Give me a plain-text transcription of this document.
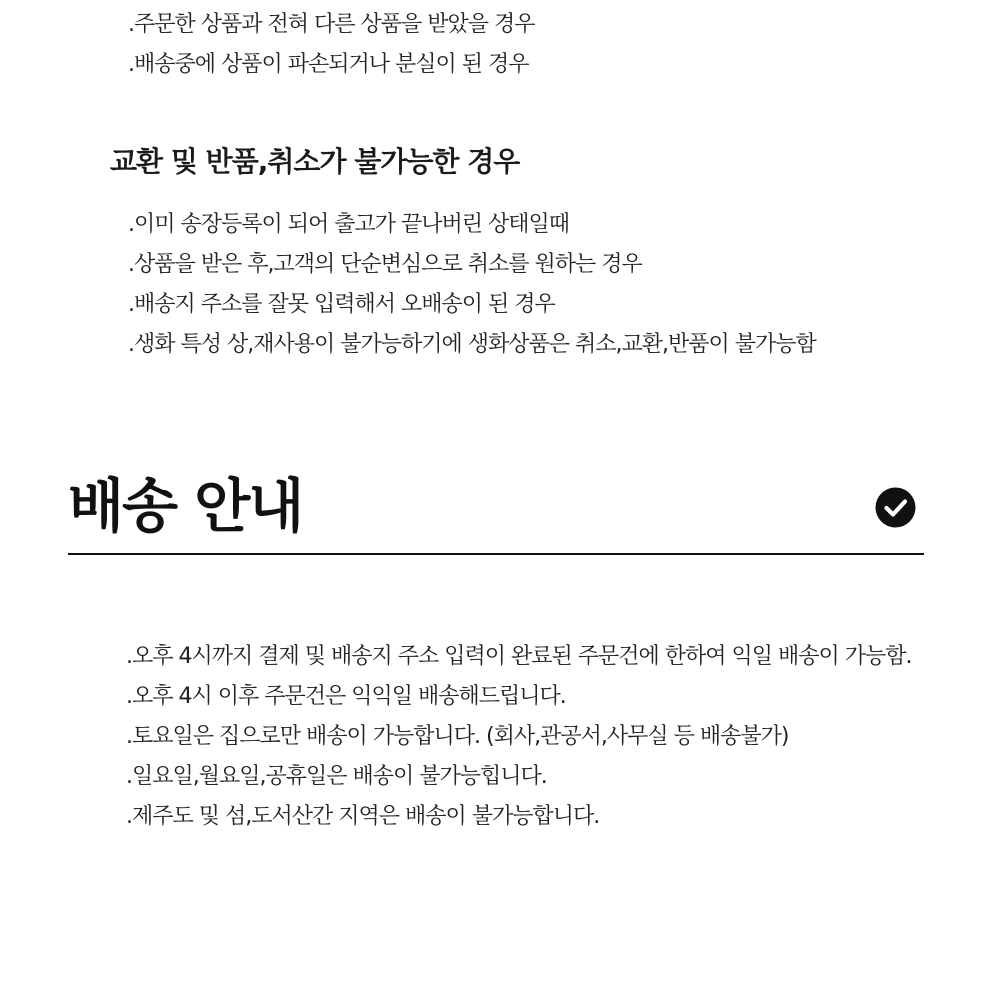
.주문한 상품과 전혀 다른 상품을 받았을 경우
.배송중에 상품이 파손되거나 분실이 된 경우
교환 및 반품,취소가 불가능한 경우
.이미 송장등록이 되어 출고가 끝나버린 상태일때
.상품을 받은 후,고객의 단순변심으로 취소를 원하는 경우
.배송지 주소를 잘못 입력해서 오배송이 된 경우
.생화 특성 상,재사용이 불가능하기에 생화상품은 취소,교환,반품이 불가능함
배송 안내
.오후 4시까지 결제 및 배송지 주소 입력이 완료된 주문건에 한하여 익일 배송이 가능함.
.오후 4시 이후 주문건은 익익일 배송해드립니다.
.토요일은 집으로만 배송이 가능합니다. (회사,관공서,사무실 등 배송불가)
.일요일,월요일,공휴일은 배송이 불가능힙니다.
.제주도 및 섬,도서산간 지역은 배송이 불가능합니다.
